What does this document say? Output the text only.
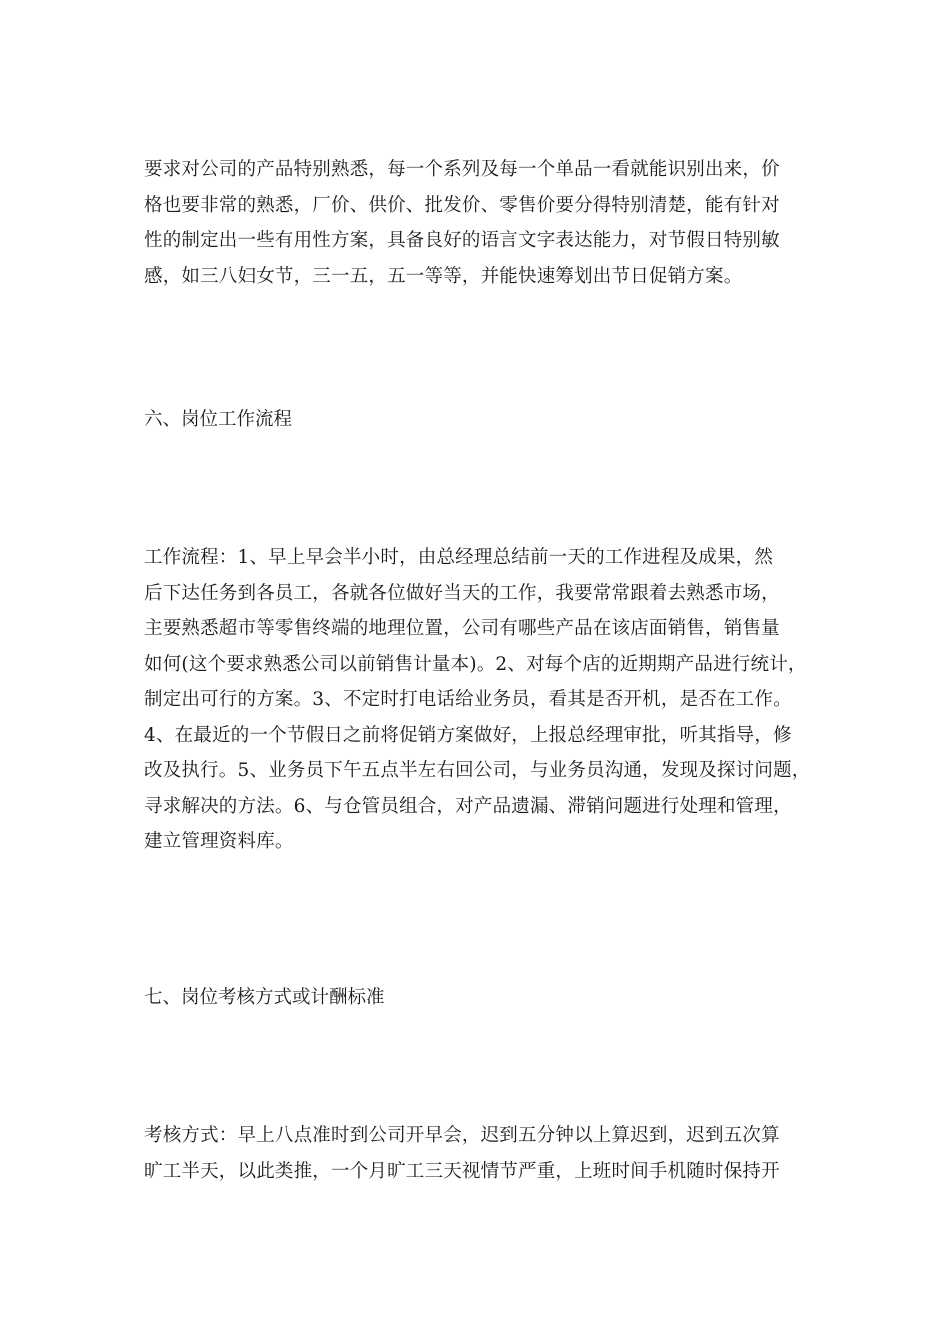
要求对公司的产品特别熟悉，每一个系列及每一个单品一看就能识别出来，价
格也要非常的熟悉，厂价、供价、批发价、零售价要分得特别清楚，能有针对
性的制定出一些有用性方案，具备良好的语言文字表达能力，对节假日特别敏
感，如三八妇女节，三一五，五一等等，并能快速筹划出节日促销方案。
六、岗位工作流程
工作流程：1、早上早会半小时，由总经理总结前一天的工作进程及成果，然
后下达任务到各员工，各就各位做好当天的工作，我要常常跟着去熟悉市场，
主要熟悉超市等零售终端的地理位置，公司有哪些产品在该店面销售，销售量
如何(这个要求熟悉公司以前销售计量本)。2、对每个店的近期期产品进行统计，
制定出可行的方案。3、不定时打电话给业务员，看其是否开机，是否在工作。
4、在最近的一个节假日之前将促销方案做好，上报总经理审批，听其指导，修
改及执行。5、业务员下午五点半左右回公司，与业务员沟通，发现及探讨问题，
寻求解决的方法。6、与仓管员组合，对产品遗漏、滞销问题进行处理和管理，
建立管理资料库。
七、岗位考核方式或计酬标准
考核方式：早上八点准时到公司开早会，迟到五分钟以上算迟到，迟到五次算
旷工半天，以此类推，一个月旷工三天视情节严重，上班时间手机随时保持开
